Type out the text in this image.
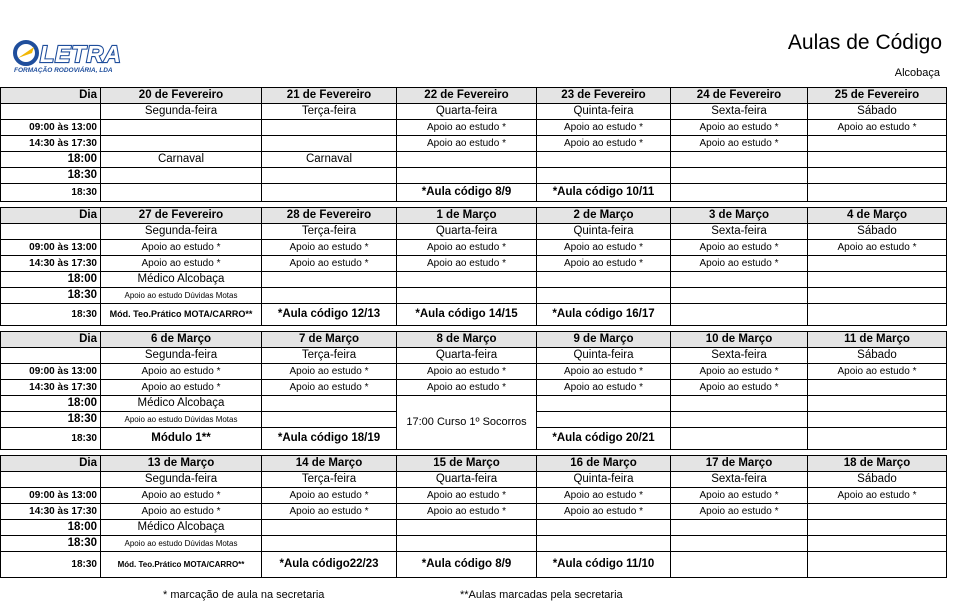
LETRA
FORMAÇÃO RODOVIÁRIA, LDA
Aulas de Código
Alcobaça
Dia	20 de Fevereiro	21 de Fevereiro	22 de Fevereiro	23 de Fevereiro	24 de Fevereiro	25 de Fevereiro
	Segunda-feira	Terça-feira	Quarta-feira	Quinta-feira	Sexta-feira	Sábado
09:00 às 13:00			Apoio ao estudo *	Apoio ao estudo *	Apoio ao estudo *	Apoio ao estudo *
14:30 às 17:30			Apoio ao estudo *	Apoio ao estudo *	Apoio ao estudo *	
18:00	Carnaval	Carnaval				
18:30						
18:30			*Aula código 8/9	*Aula código 10/11		
Dia	27 de Fevereiro	28 de Fevereiro	1 de Março	2 de Março	3 de Março	4 de Março
	Segunda-feira	Terça-feira	Quarta-feira	Quinta-feira	Sexta-feira	Sábado
09:00 às 13:00	Apoio ao estudo *	Apoio ao estudo *	Apoio ao estudo *	Apoio ao estudo *	Apoio ao estudo *	Apoio ao estudo *
14:30 às 17:30	Apoio ao estudo *	Apoio ao estudo *	Apoio ao estudo *	Apoio ao estudo *	Apoio ao estudo *	
18:00	Médico Alcobaça					
18:30	Apoio ao estudo Dúvidas Motas					
18:30	Mód. Teo.Prático MOTA/CARRO**	*Aula código 12/13	*Aula código 14/15	*Aula código 16/17		
Dia	6 de Março	7 de Março	8 de Março	9 de Março	10 de Março	11 de Março
	Segunda-feira	Terça-feira	Quarta-feira	Quinta-feira	Sexta-feira	Sábado
09:00 às 13:00	Apoio ao estudo *	Apoio ao estudo *	Apoio ao estudo *	Apoio ao estudo *	Apoio ao estudo *	Apoio ao estudo *
14:30 às 17:30	Apoio ao estudo *	Apoio ao estudo *	Apoio ao estudo *	Apoio ao estudo *	Apoio ao estudo *	
18:00	Médico Alcobaça		17:00 Curso 1º Socorros			
18:30	Apoio ao estudo Dúvidas Motas					
18:30	Módulo 1**	*Aula código 18/19		*Aula código 20/21		
Dia	13 de Março	14 de Março	15 de Março	16 de Março	17 de Março	18 de Março
	Segunda-feira	Terça-feira	Quarta-feira	Quinta-feira	Sexta-feira	Sábado
09:00 às 13:00	Apoio ao estudo *	Apoio ao estudo *	Apoio ao estudo *	Apoio ao estudo *	Apoio ao estudo *	Apoio ao estudo *
14:30 às 17:30	Apoio ao estudo *	Apoio ao estudo *	Apoio ao estudo *	Apoio ao estudo *	Apoio ao estudo *	
18:00	Médico Alcobaça					
18:30	Apoio ao estudo Dúvidas Motas					
18:30	Mód. Teo.Prático MOTA/CARRO**	*Aula código22/23	*Aula código 8/9	*Aula código 11/10		
* marcação de aula na secretaria	**Aulas marcadas pela secretaria
